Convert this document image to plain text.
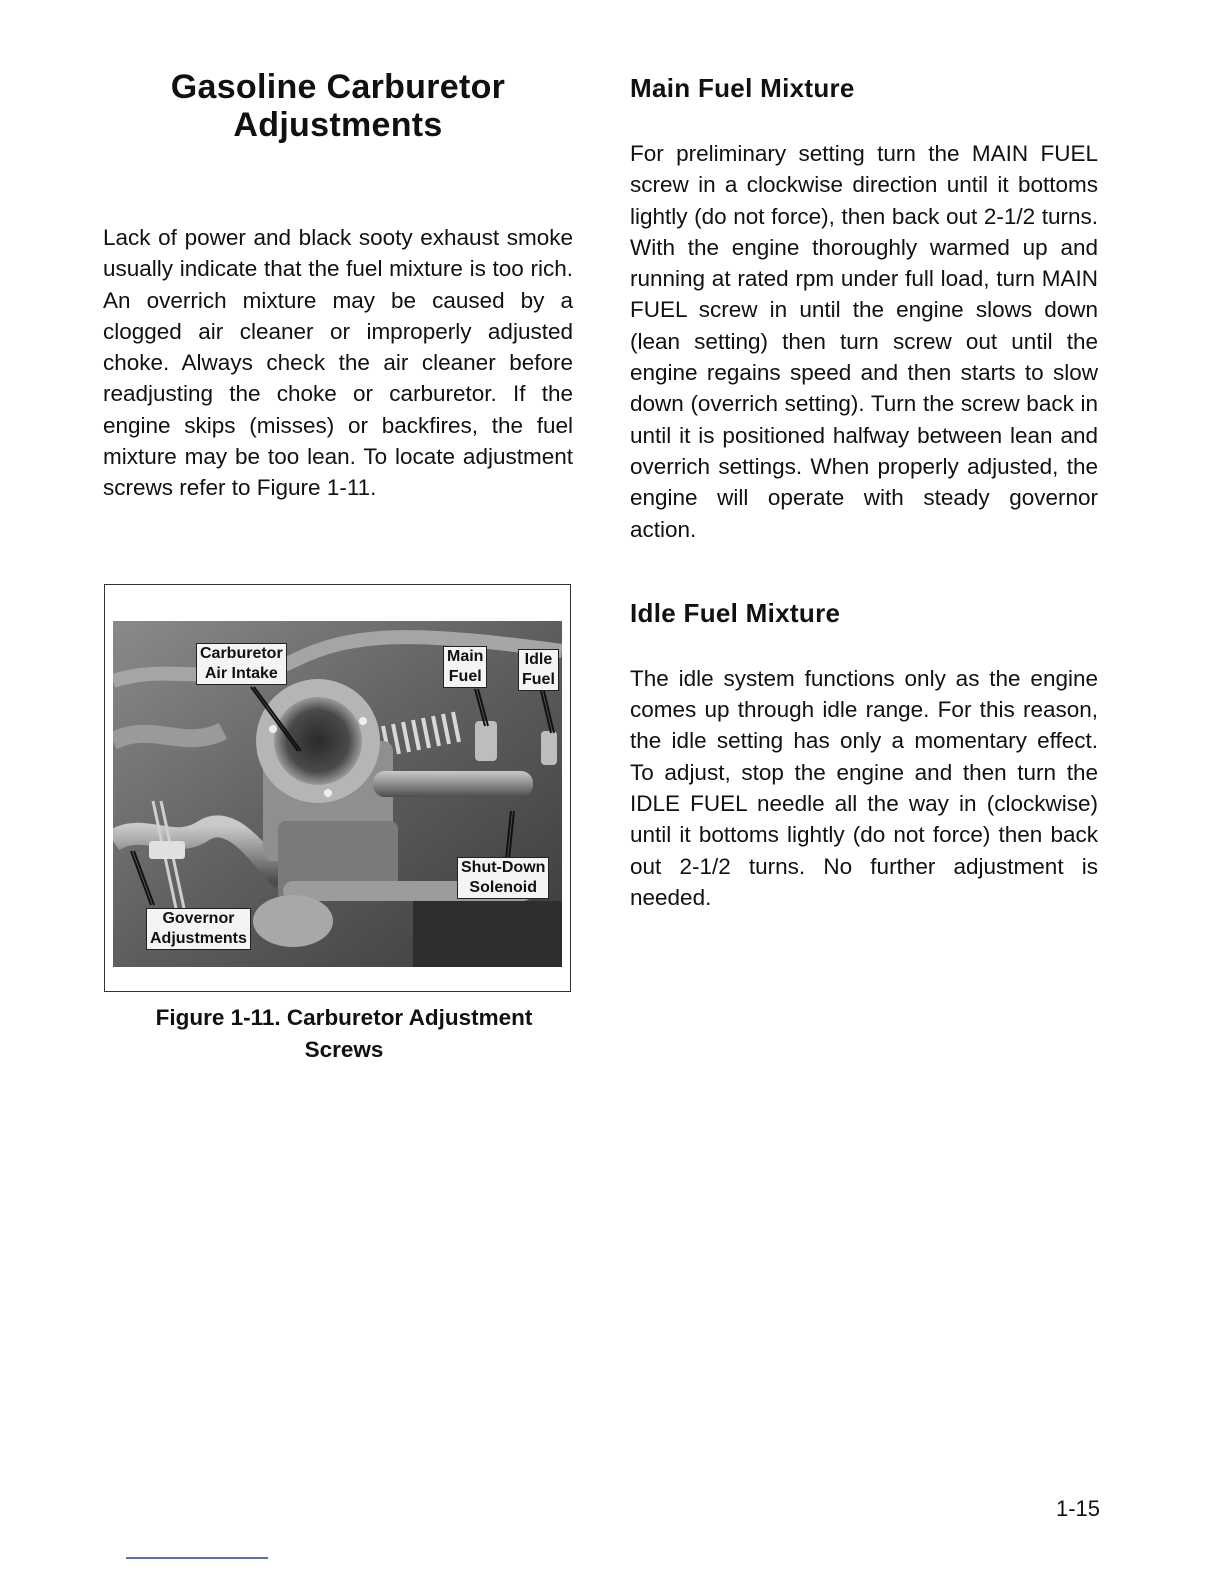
Gasoline Carburetor
Adjustments

Lack of power and black sooty exhaust smoke usually indicate that the fuel mixture is too rich. An overrich mixture may be caused by a clogged air cleaner or improperly adjusted choke. Always check the air cleaner before readjusting the choke or carburetor. If the engine skips (misses) or backfires, the fuel mixture may be too lean. To locate adjustment screws refer to Figure 1-11.

Carburetor
Air Intake
Main
Fuel
Idle
Fuel
Shut-Down
Solenoid
Governor
Adjustments

Figure 1-11. Carburetor Adjustment
Screws

Main Fuel Mixture

For preliminary setting turn the MAIN FUEL screw in a clockwise direction until it bottoms lightly (do not force), then back out 2-1/2 turns. With the engine thoroughly warmed up and running at rated rpm under full load, turn MAIN FUEL screw in until the engine slows down (lean setting) then turn screw out until the engine regains speed and then starts to slow down (overrich setting). Turn the screw back in until it is positioned halfway between lean and overrich settings. When properly adjusted, the engine will operate with steady governor action.

Idle Fuel Mixture

The idle system functions only as the engine comes up through idle range. For this reason, the idle setting has only a momentary effect. To adjust, stop the engine and then turn the IDLE FUEL needle all the way in (clockwise) until it bottoms lightly (do not force) then back out 2-1/2 turns. No further adjustment is needed.

1-15
